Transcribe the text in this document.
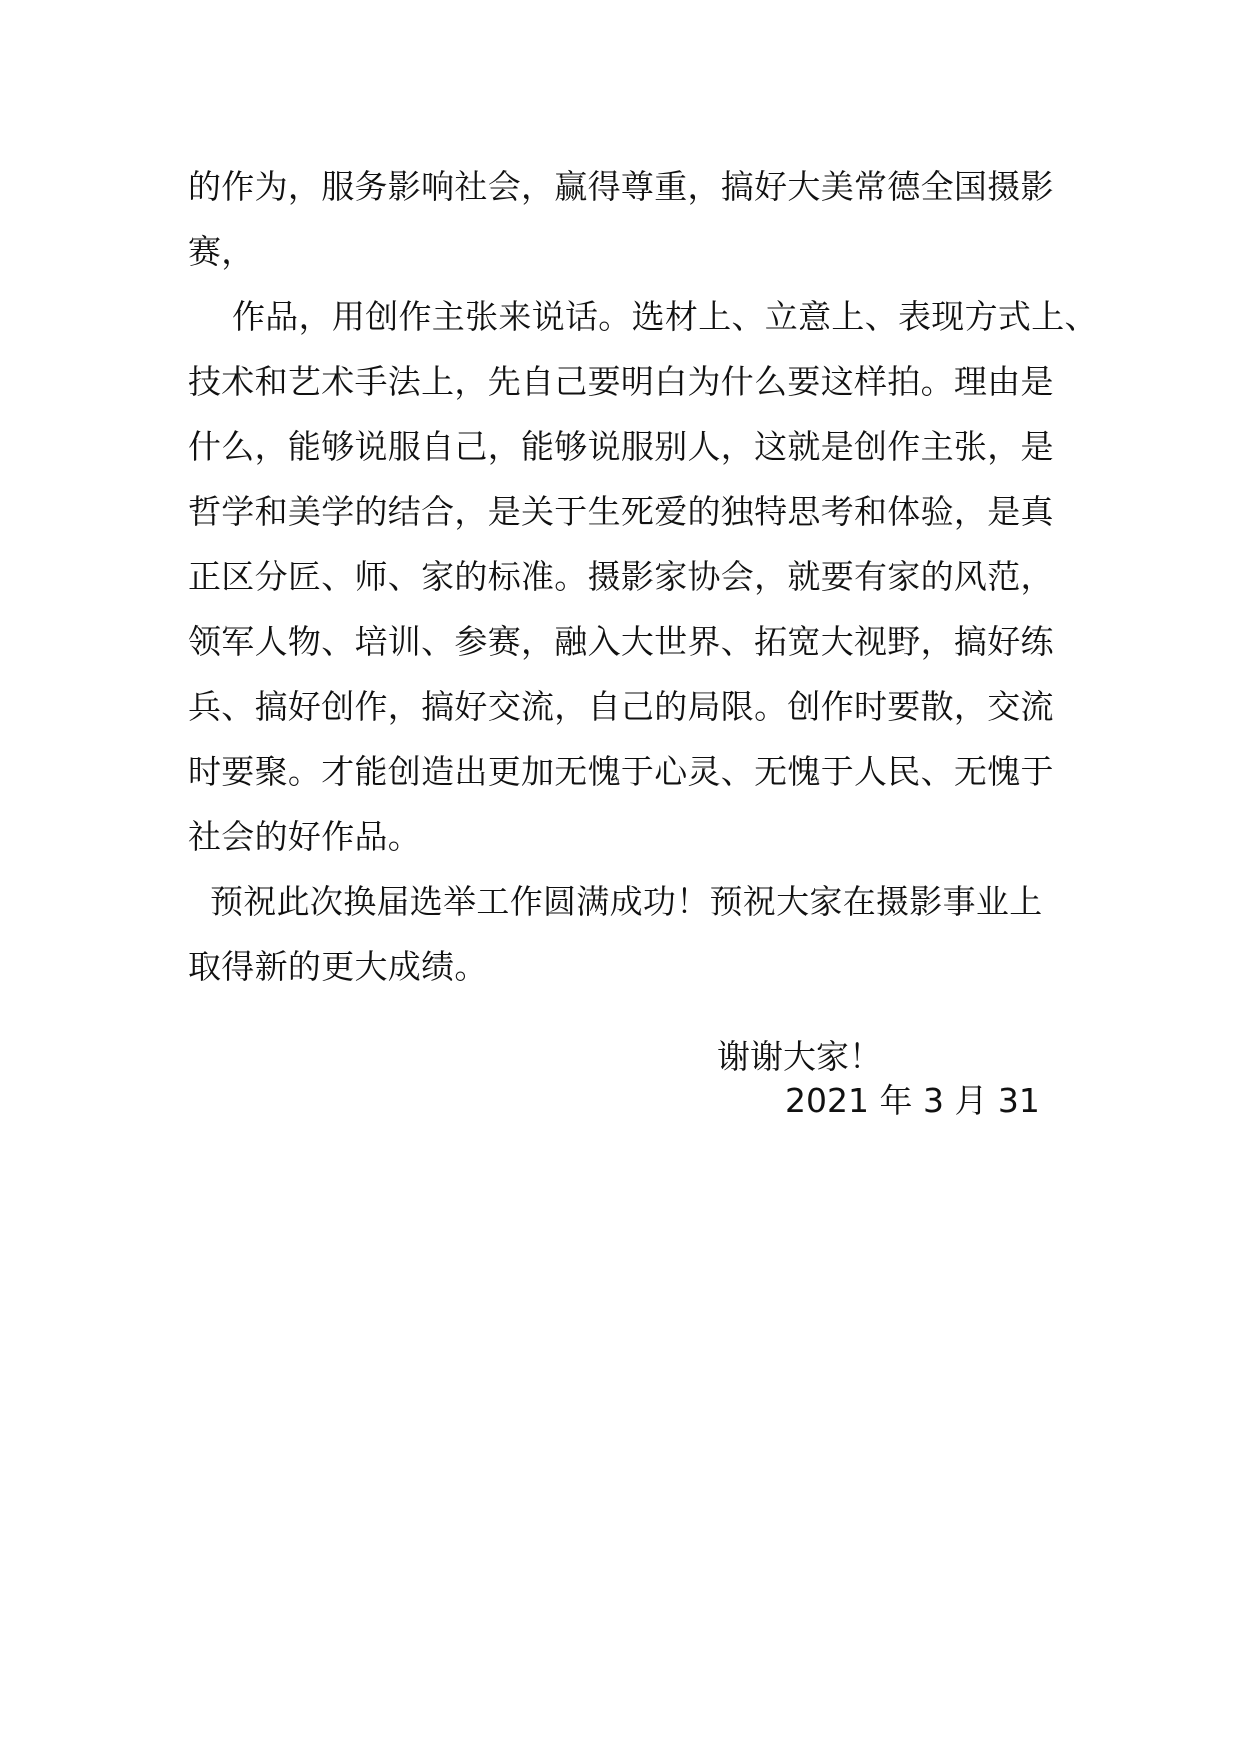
的作为，服务影响社会，赢得尊重，搞好大美常德全国摄影
赛，
作品，用创作主张来说话。选材上、立意上、表现方式上、
技术和艺术手法上，先自己要明白为什么要这样拍。理由是
什么，能够说服自己，能够说服别人，这就是创作主张，是
哲学和美学的结合，是关于生死爱的独特思考和体验，是真
正区分匠、师、家的标准。摄影家协会，就要有家的风范，
领军人物、培训、参赛，融入大世界、拓宽大视野，搞好练
兵、搞好创作，搞好交流，自己的局限。创作时要散，交流
时要聚。才能创造出更加无愧于心灵、无愧于人民、无愧于
社会的好作品。
预祝此次换届选举工作圆满成功！预祝大家在摄影事业上
取得新的更大成绩。
谢谢大家！
2021 年 3 月 31
